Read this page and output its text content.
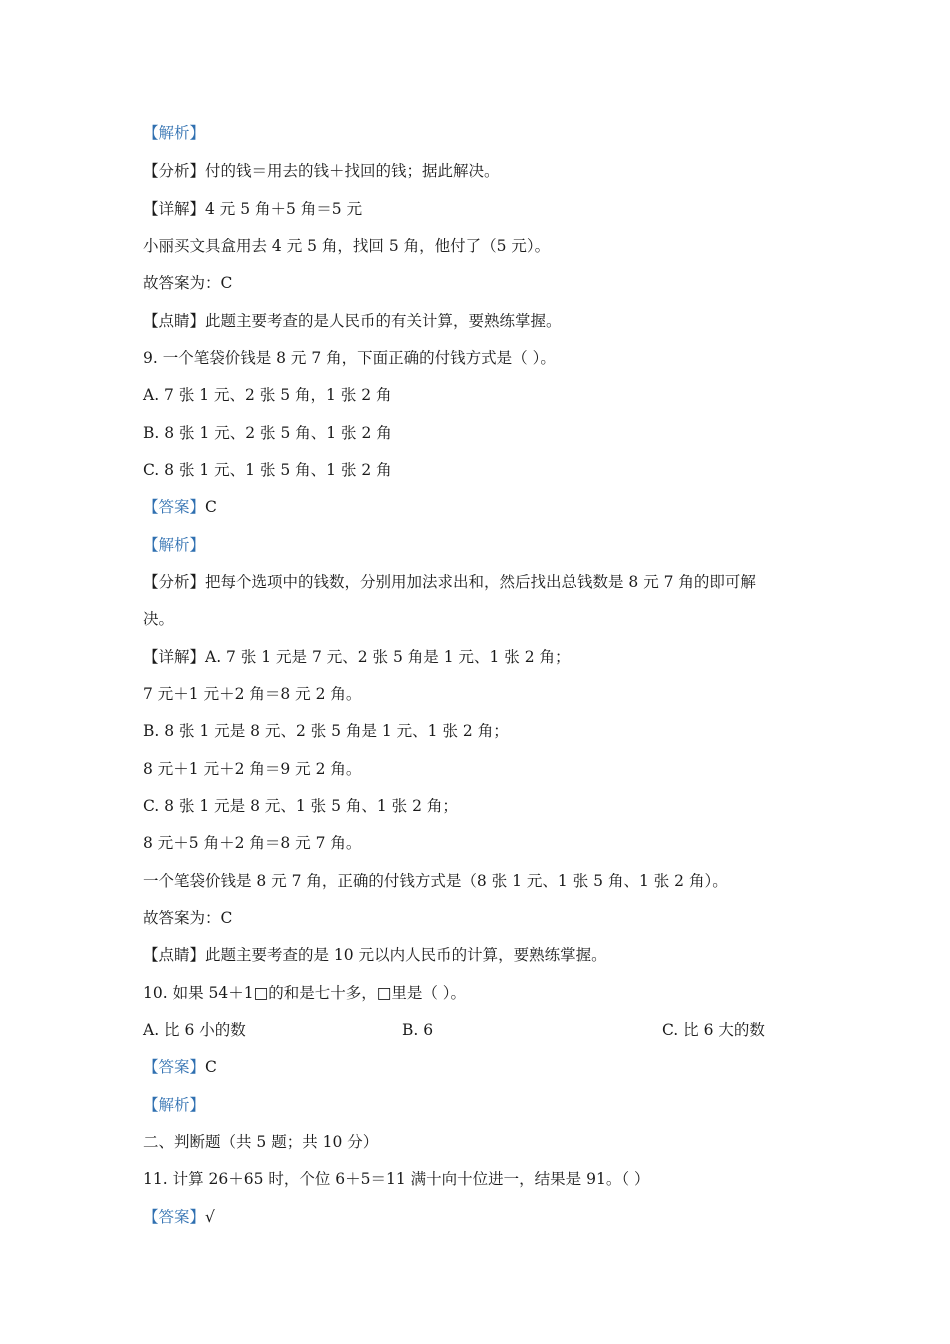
【解析】
【分析】付的钱＝用去的钱＋找回的钱；据此解决。
【详解】4 元 5 角＋5 角＝5 元
小丽买文具盒用去 4 元 5 角，找回 5 角，他付了（5 元）。
故答案为：C
【点睛】此题主要考查的是人民币的有关计算，要熟练掌握。
9. 一个笔袋价钱是 8 元 7 角，下面正确的付钱方式是（ ）。
A. 7 张 1 元、2 张 5 角，1 张 2 角
B. 8 张 1 元、2 张 5 角、1 张 2 角
C. 8 张 1 元、1 张 5 角、1 张 2 角
【答案】C
【解析】
【分析】把每个选项中的钱数，分别用加法求出和，然后找出总钱数是 8 元 7 角的即可解
决。
【详解】A. 7 张 1 元是 7 元、2 张 5 角是 1 元、1 张 2 角；
7 元＋1 元＋2 角＝8 元 2 角。
B. 8 张 1 元是 8 元、2 张 5 角是 1 元、1 张 2 角；
8 元＋1 元＋2 角＝9 元 2 角。
C. 8 张 1 元是 8 元、1 张 5 角、1 张 2 角；
8 元＋5 角＋2 角＝8 元 7 角。
一个笔袋价钱是 8 元 7 角，正确的付钱方式是（8 张 1 元、1 张 5 角、1 张 2 角）。
故答案为：C
【点睛】此题主要考查的是 10 元以内人民币的计算，要熟练掌握。
10. 如果 54＋1□的和是七十多，□里是（ ）。
A. 比 6 小的数	B. 6	C. 比 6 大的数
【答案】C
【解析】
二、判断题（共 5 题；共 10 分）
11. 计算 26＋65 时，个位 6＋5＝11 满十向十位进一，结果是 91。（ ）
【答案】√
